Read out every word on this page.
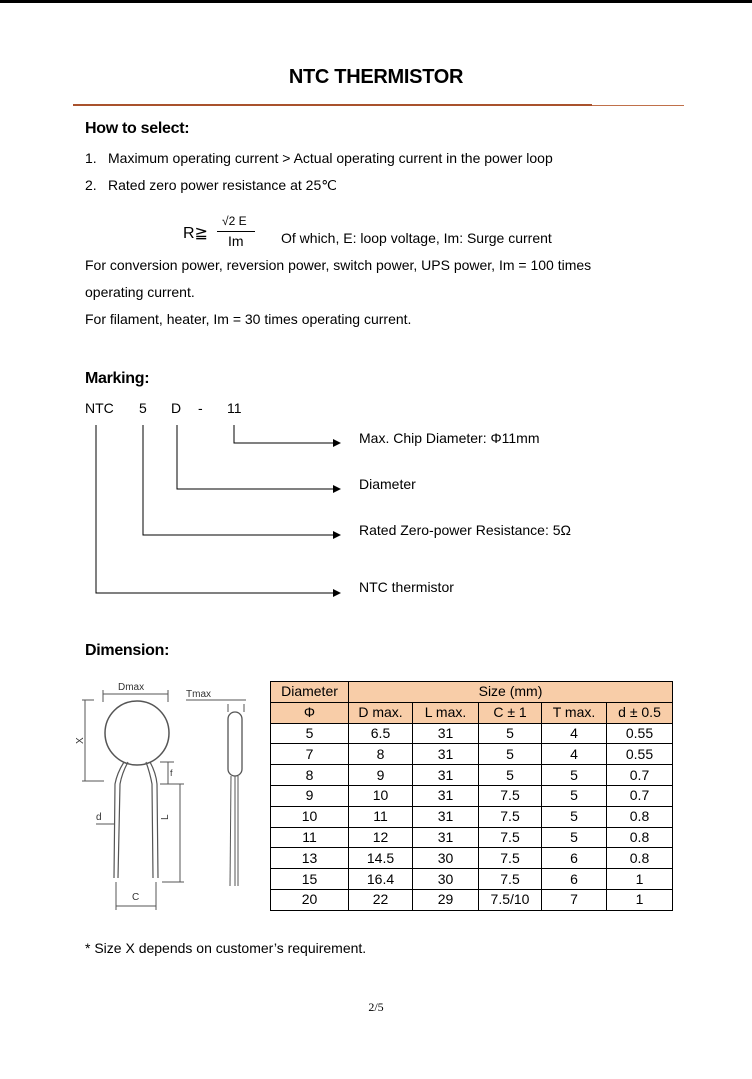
NTC THERMISTOR
How to select:
1. Maximum operating current > Actual operating current in the power loop
2. Rated zero power resistance at 25℃
R≧
√2 E
Im	Of which, E: loop voltage, Im: Surge current
For conversion power, reversion power, switch power, UPS power, Im = 100 times
operating current.
For filament, heater, Im = 30 times operating current.
Marking:
NTC 5 D - 11
Max. Chip Diameter: Φ11mm
Diameter
Rated Zero-power Resistance: 5Ω
NTC thermistor
Dimension:
Dmax
Tmax
X
d
f
L
C
Diameter	Size (mm)				
Φ	D max.	L max.	C ± 1	T max.	d ± 0.5
5	6.5	31	5	4	0.55
7	8	31	5	4	0.55
8	9	31	5	5	0.7
9	10	31	7.5	5	0.7
10	11	31	7.5	5	0.8
11	12	31	7.5	5	0.8
13	14.5	30	7.5	6	0.8
15	16.4	30	7.5	6	1
20	22	29	7.5/10	7	1
* Size X depends on customer’s requirement.
2/5
